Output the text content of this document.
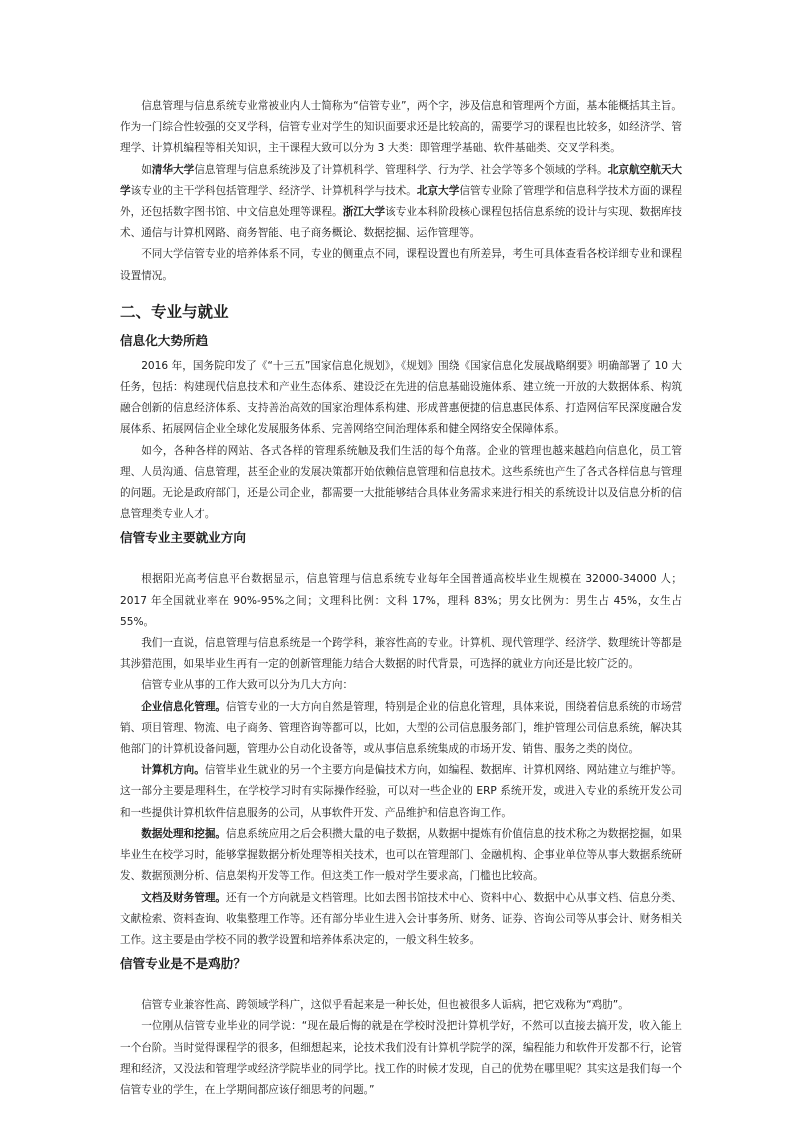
信息管理与信息系统专业常被业内人士简称为“信管专业”，两个字，涉及信息和管理两个方面，基本能概括其主旨。作为一门综合性较强的交叉学科，信管专业对学生的知识面要求还是比较高的，需要学习的课程也比较多，如经济学、管理学、计算机编程等相关知识，主干课程大致可以分为 3 大类：即管理学基础、软件基础类、交叉学科类。

如清华大学信息管理与信息系统涉及了计算机科学、管理科学、行为学、社会学等多个领域的学科。北京航空航天大学该专业的主干学科包括管理学、经济学、计算机科学与技术。北京大学信管专业除了管理学和信息科学技术方面的课程外，还包括数字图书馆、中文信息处理等课程。浙江大学该专业本科阶段核心课程包括信息系统的设计与实现、数据库技术、通信与计算机网路、商务智能、电子商务概论、数据挖掘、运作管理等。

不同大学信管专业的培养体系不同，专业的侧重点不同，课程设置也有所差异，考生可具体查看各校详细专业和课程设置情况。

二、专业与就业
信息化大势所趋

2016 年，国务院印发了《“十三五”国家信息化规划》，《规划》围绕《国家信息化发展战略纲要》明确部署了 10 大任务，包括：构建现代信息技术和产业生态体系、建设泛在先进的信息基础设施体系、建立统一开放的大数据体系、构筑融合创新的信息经济体系、支持善治高效的国家治理体系构建、形成普惠便捷的信息惠民体系、打造网信军民深度融合发展体系、拓展网信企业全球化发展服务体系、完善网络空间治理体系和健全网络安全保障体系。

如今，各种各样的网站、各式各样的管理系统触及我们生活的每个角落。企业的管理也越来越趋向信息化，员工管理、人员沟通、信息管理，甚至企业的发展决策都开始依赖信息管理和信息技术。这些系统也产生了各式各样信息与管理的问题。无论是政府部门，还是公司企业，都需要一大批能够结合具体业务需求来进行相关的系统设计以及信息分析的信息管理类专业人才。

信管专业主要就业方向

根据阳光高考信息平台数据显示，信息管理与信息系统专业每年全国普通高校毕业生规模在 32000-34000 人；2017 年全国就业率在 90%-95%之间；文理科比例：文科 17%，理科 83%；男女比例为：男生占 45%，女生占 55%。

我们一直说，信息管理与信息系统是一个跨学科，兼容性高的专业。计算机、现代管理学、经济学、数理统计等都是其涉猎范围，如果毕业生再有一定的创新管理能力结合大数据的时代背景，可选择的就业方向还是比较广泛的。

信管专业从事的工作大致可以分为几大方向：

企业信息化管理。信管专业的一大方向自然是管理，特别是企业的信息化管理，具体来说，围绕着信息系统的市场营销、项目管理、物流、电子商务、管理咨询等都可以，比如，大型的公司信息服务部门，维护管理公司信息系统，解决其他部门的计算机设备问题，管理办公自动化设备等，或从事信息系统集成的市场开发、销售、服务之类的岗位。

计算机方向。信管毕业生就业的另一个主要方向是偏技术方向，如编程、数据库、计算机网络、网站建立与维护等。这一部分主要是理科生，在学校学习时有实际操作经验，可以对一些企业的 ERP 系统开发，或进入专业的系统开发公司和一些提供计算机软件信息服务的公司，从事软件开发、产品维护和信息咨询工作。

数据处理和挖掘。信息系统应用之后会积攒大量的电子数据，从数据中提炼有价值信息的技术称之为数据挖掘，如果毕业生在校学习时，能够掌握数据分析处理等相关技术，也可以在管理部门、金融机构、企事业单位等从事大数据系统研发、数据预测分析、信息架构开发等工作。但这类工作一般对学生要求高，门槛也比较高。

文档及财务管理。还有一个方向就是文档管理。比如去图书馆技术中心、资料中心、数据中心从事文档、信息分类、文献检索、资料查询、收集整理工作等。还有部分毕业生进入会计事务所、财务、证券、咨询公司等从事会计、财务相关工作。这主要是由学校不同的教学设置和培养体系决定的，一般文科生较多。

信管专业是不是鸡肋？

信管专业兼容性高、跨领域学科广，这似乎看起来是一种长处，但也被很多人诟病，把它戏称为“鸡肋”。

一位刚从信管专业毕业的同学说：“现在最后悔的就是在学校时没把计算机学好，不然可以直接去搞开发，收入能上一个台阶。当时觉得课程学的很多，但细想起来，论技术我们没有计算机学院学的深，编程能力和软件开发都不行，论管理和经济，又没法和管理学或经济学院毕业的同学比。找工作的时候才发现，自己的优势在哪里呢？其实这是我们每一个信管专业的学生，在上学期间都应该仔细思考的问题。”
